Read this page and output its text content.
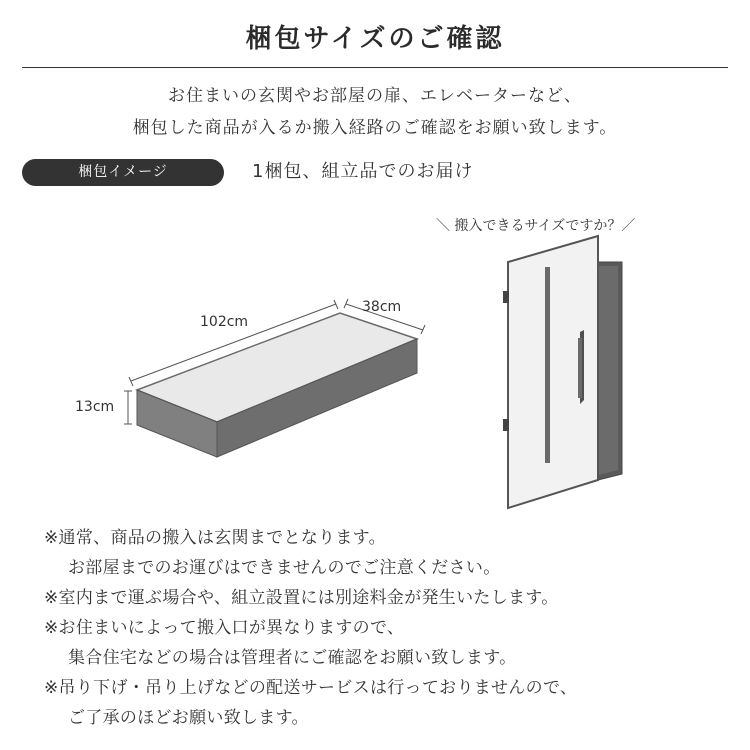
梱包サイズのご確認
お住まいの玄関やお部屋の扉、エレベーターなど、
梱包した商品が入るか搬入経路のご確認をお願い致します。
梱包イメージ	1梱包、組立品でのお届け
＼ 搬入できるサイズですか？／
102cm
38cm
13cm
※通常、商品の搬入は玄関までとなります。
お部屋までのお運びはできませんのでご注意ください。
※室内まで運ぶ場合や、組立設置には別途料金が発生いたします。
※お住まいによって搬入口が異なりますので、
集合住宅などの場合は管理者にご確認をお願い致します。
※吊り下げ・吊り上げなどの配送サービスは行っておりませんので、
ご了承のほどお願い致します。
